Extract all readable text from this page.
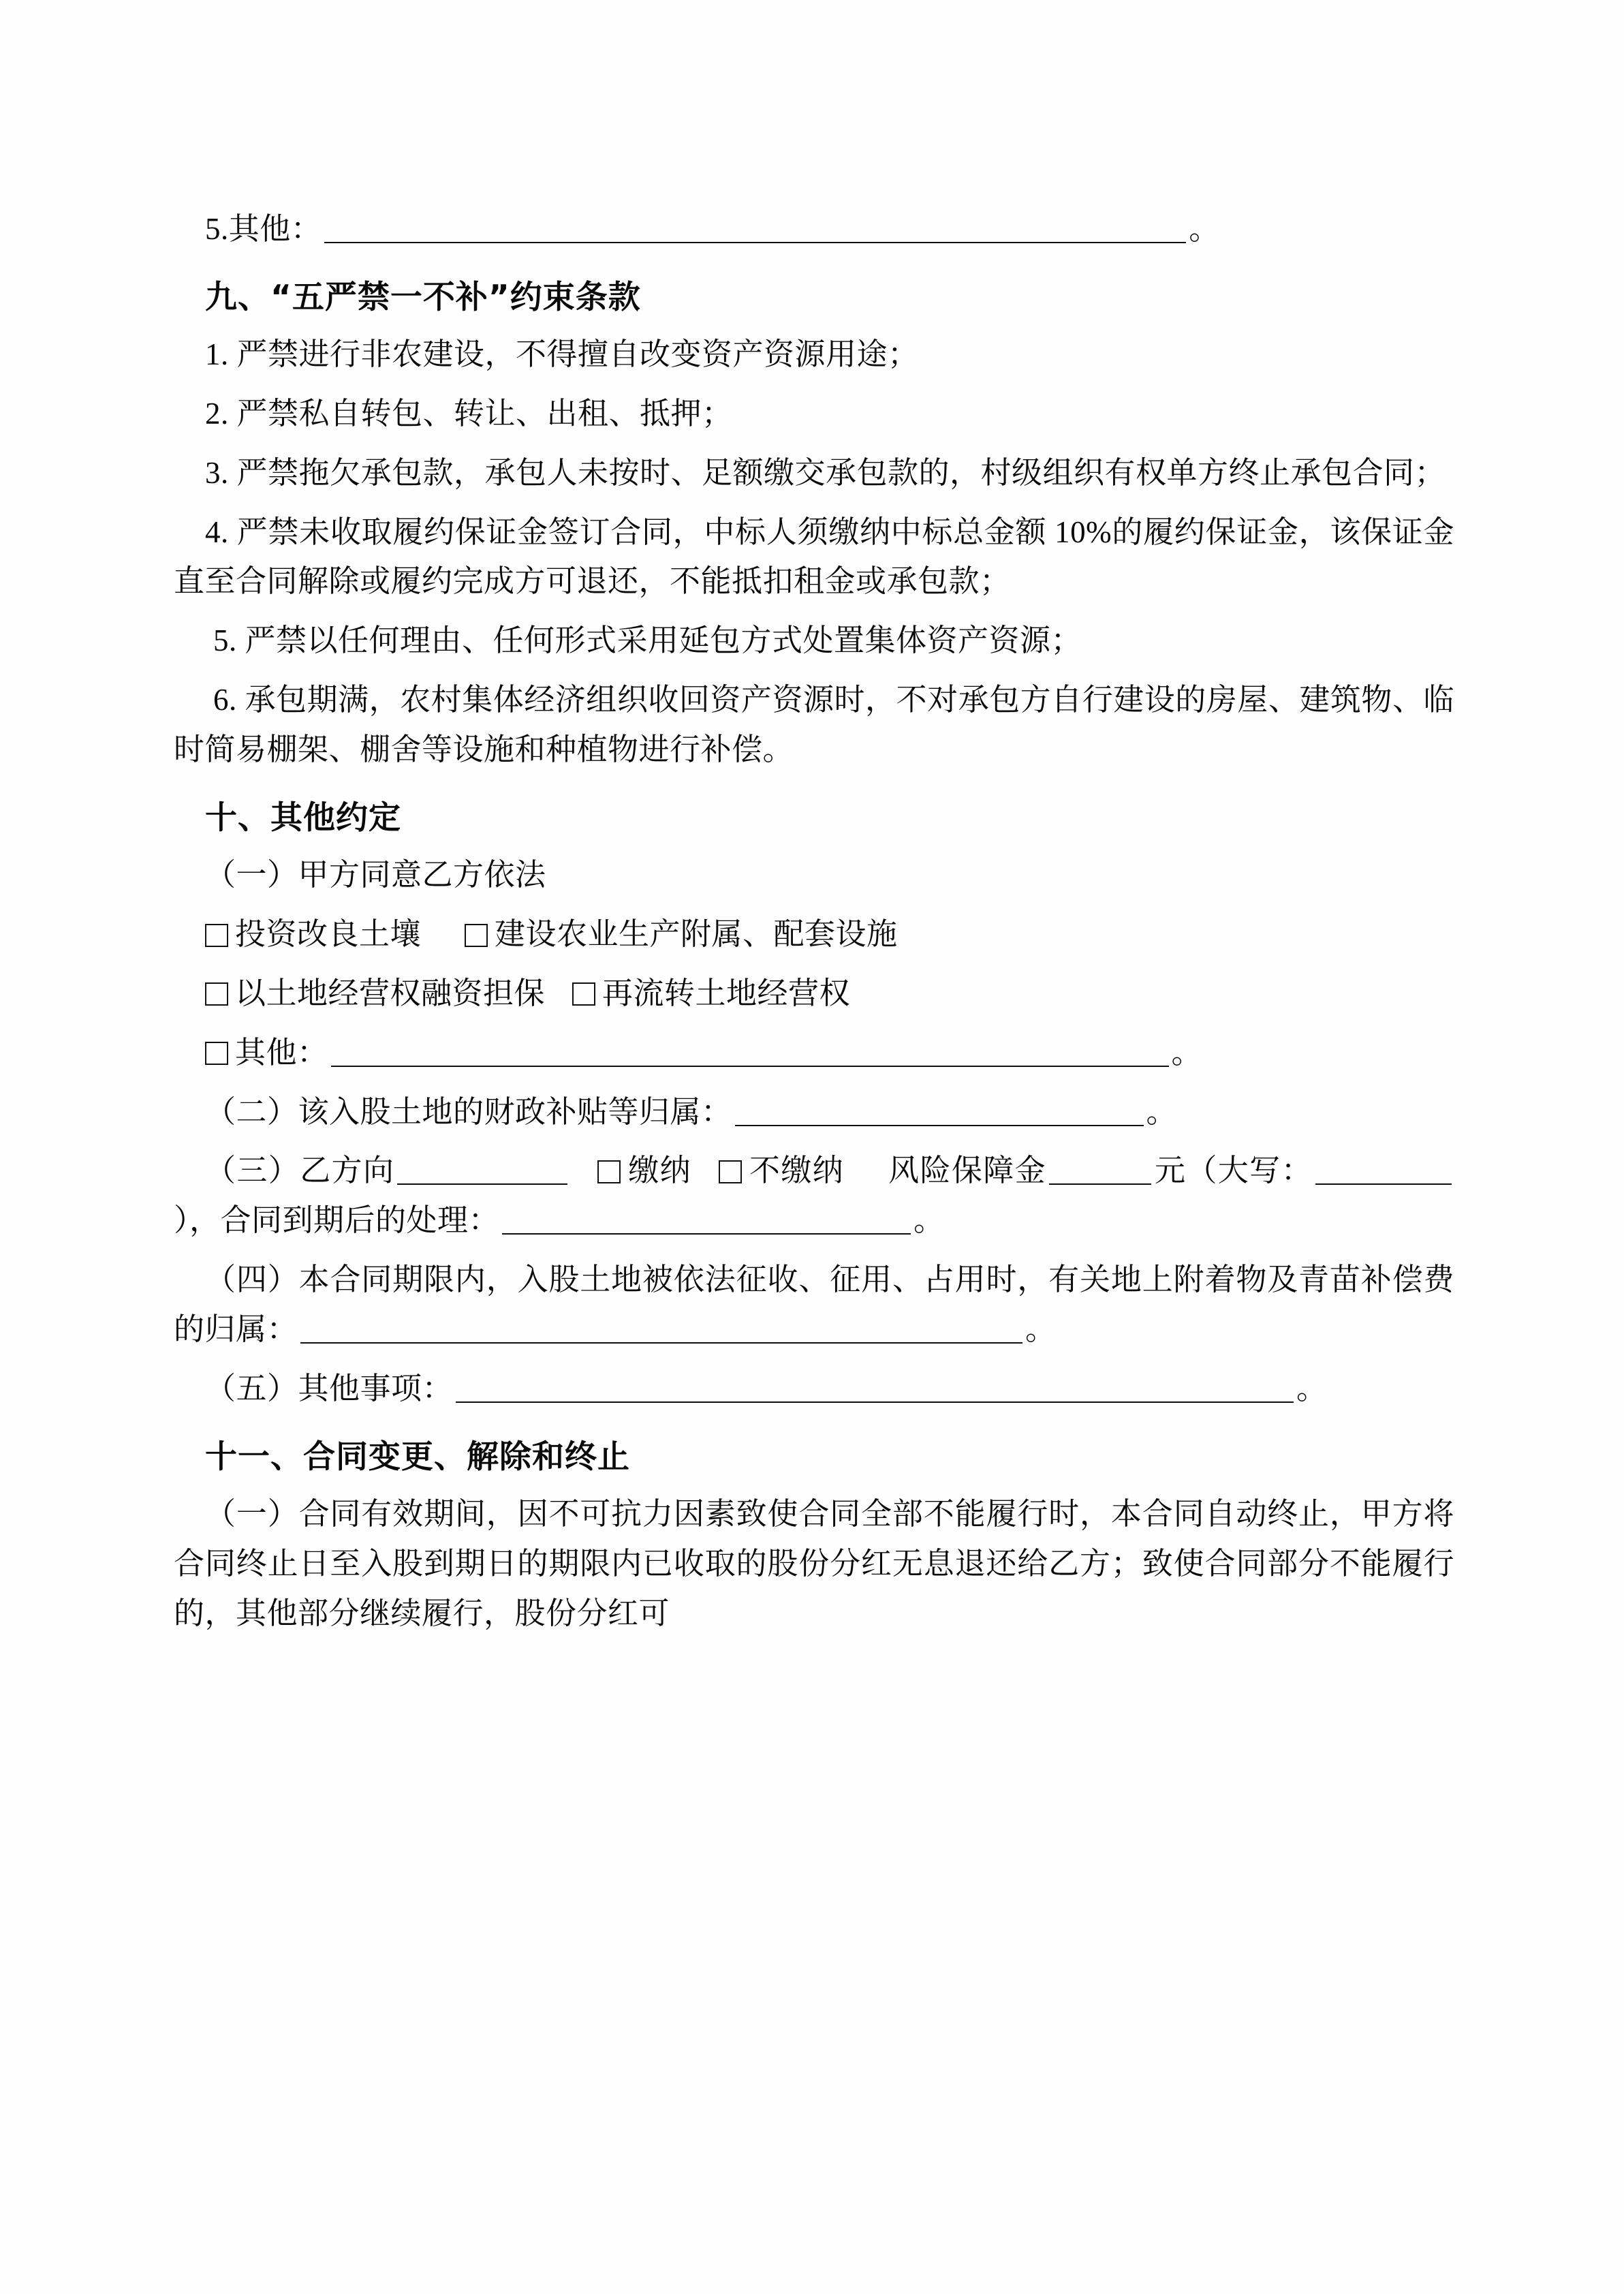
5.其他：	。

九、“五严禁一不补”约束条款

1. 严禁进行非农建设，不得擅自改变资产资源用途；

2. 严禁私自转包、转让、出租、抵押；

3. 严禁拖欠承包款，承包人未按时、足额缴交承包款的，村级组织有权单方终止承包合同；

4. 严禁未收取履约保证金签订合同，中标人须缴纳中标总金额 10%的履约保证金，该保证金直至合同解除或履约完成方可退还，不能抵扣租金或承包款；

5. 严禁以任何理由、任何形式采用延包方式处置集体资产资源；

6. 承包期满，农村集体经济组织收回资产资源时，不对承包方自行建设的房屋、建筑物、临时简易棚架、棚舍等设施和种植物进行补偿。

十、其他约定

（一）甲方同意乙方依法

投资改良土壤 建设农业生产附属、配套设施

以土地经营权融资担保 再流转土地经营权

其他：	。

（二）该入股土地的财政补贴等归属：	。

（三）乙方向	缴纳 不缴纳 风险保障金	元（大写：），合同到期后的处理：	。

（四）本合同期限内，入股土地被依法征收、征用、占用时，有关地上附着物及青苗补偿费的归属：	。

（五）其他事项：	。

十一、合同变更、解除和终止

（一）合同有效期间，因不可抗力因素致使合同全部不能履行时，本合同自动终止，甲方将合同终止日至入股到期日的期限内已收取的股份分红无息退还给乙方；致使合同部分不能履行的，其他部分继续履行，股份分红可
